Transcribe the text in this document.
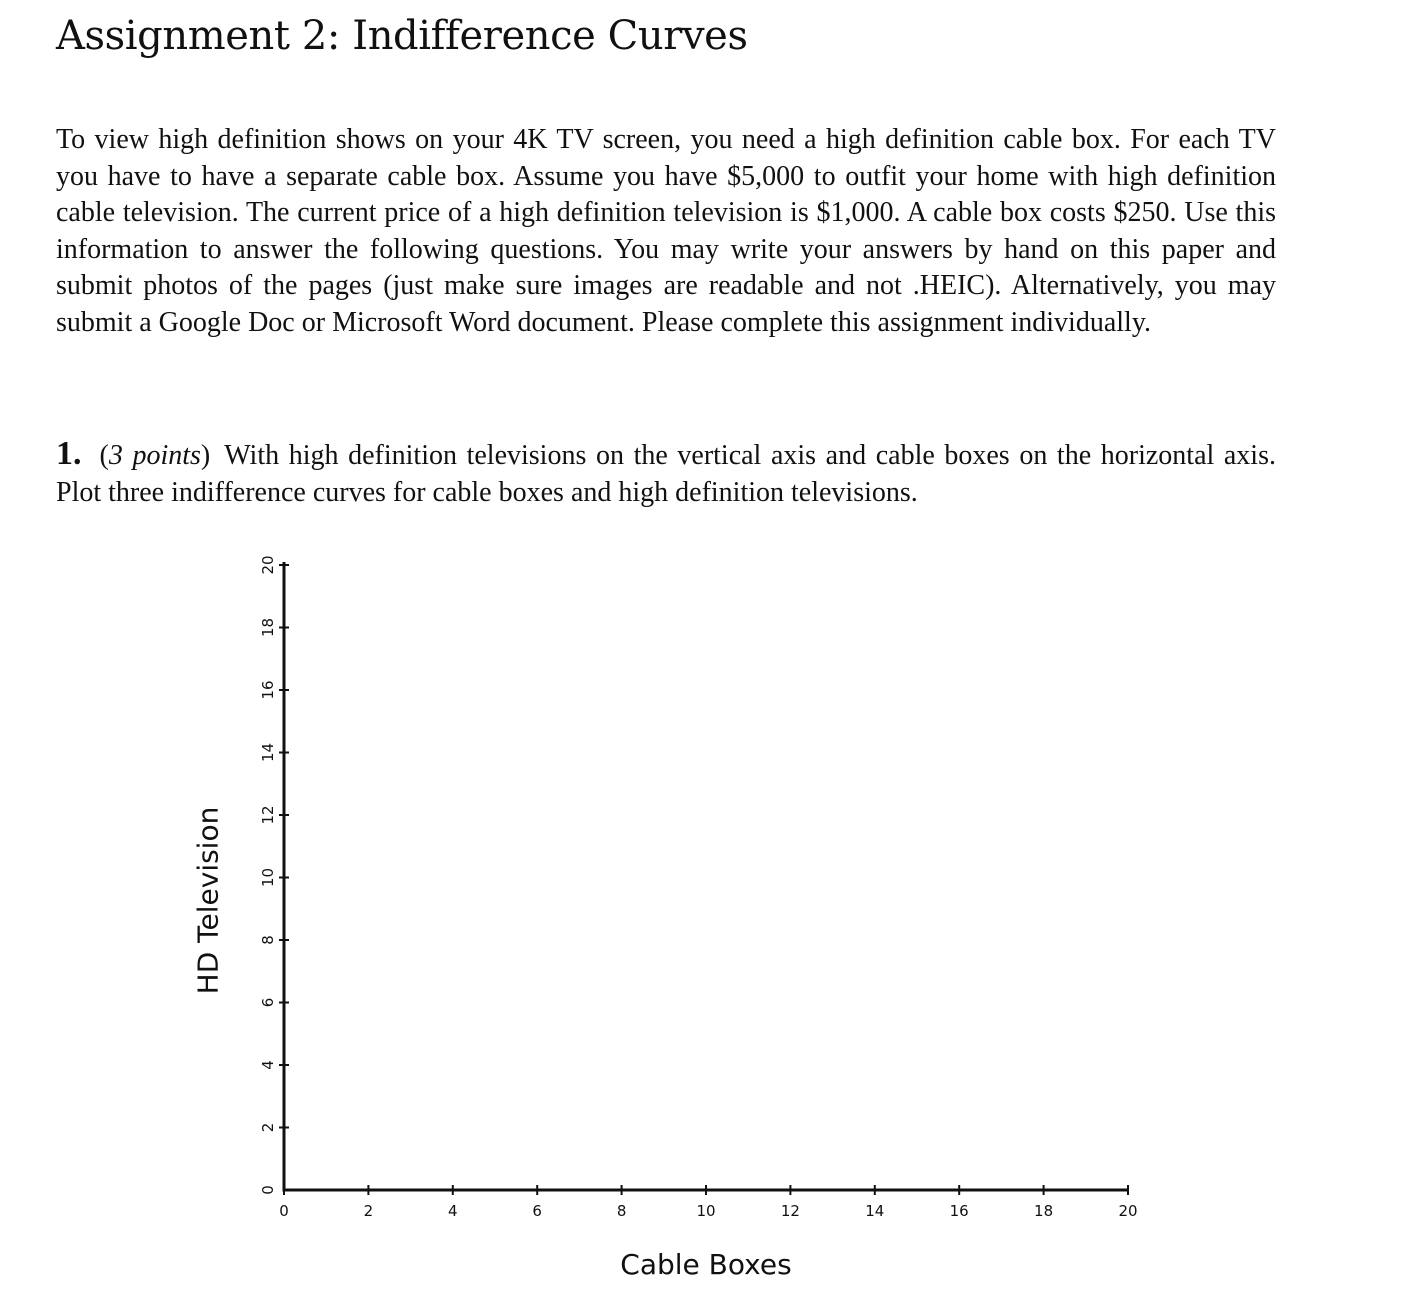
Assignment 2: Indifference Curves

To view high definition shows on your 4K TV screen, you need a high definition cable box. For each TV you have to have a separate cable box. Assume you have $5,000 to outfit your home with high definition cable television. The current price of a high definition television is $1,000. A cable box costs $250. Use this information to answer the following questions. You may write your answers by hand on this paper and submit photos of the pages (just make sure images are readable and not .HEIC). Alternatively, you may submit a Google Doc or Microsoft Word document. Please complete this assignment individually.

1. (3 points) With high definition televisions on the vertical axis and cable boxes on the horizontal axis. Plot three indifference curves for cable boxes and high definition televisions.

0	2	4	6	8	10	12	14	16	18	20
0
2
4
6
8
10
12
14
16
18
20
Cable Boxes
HD Television
